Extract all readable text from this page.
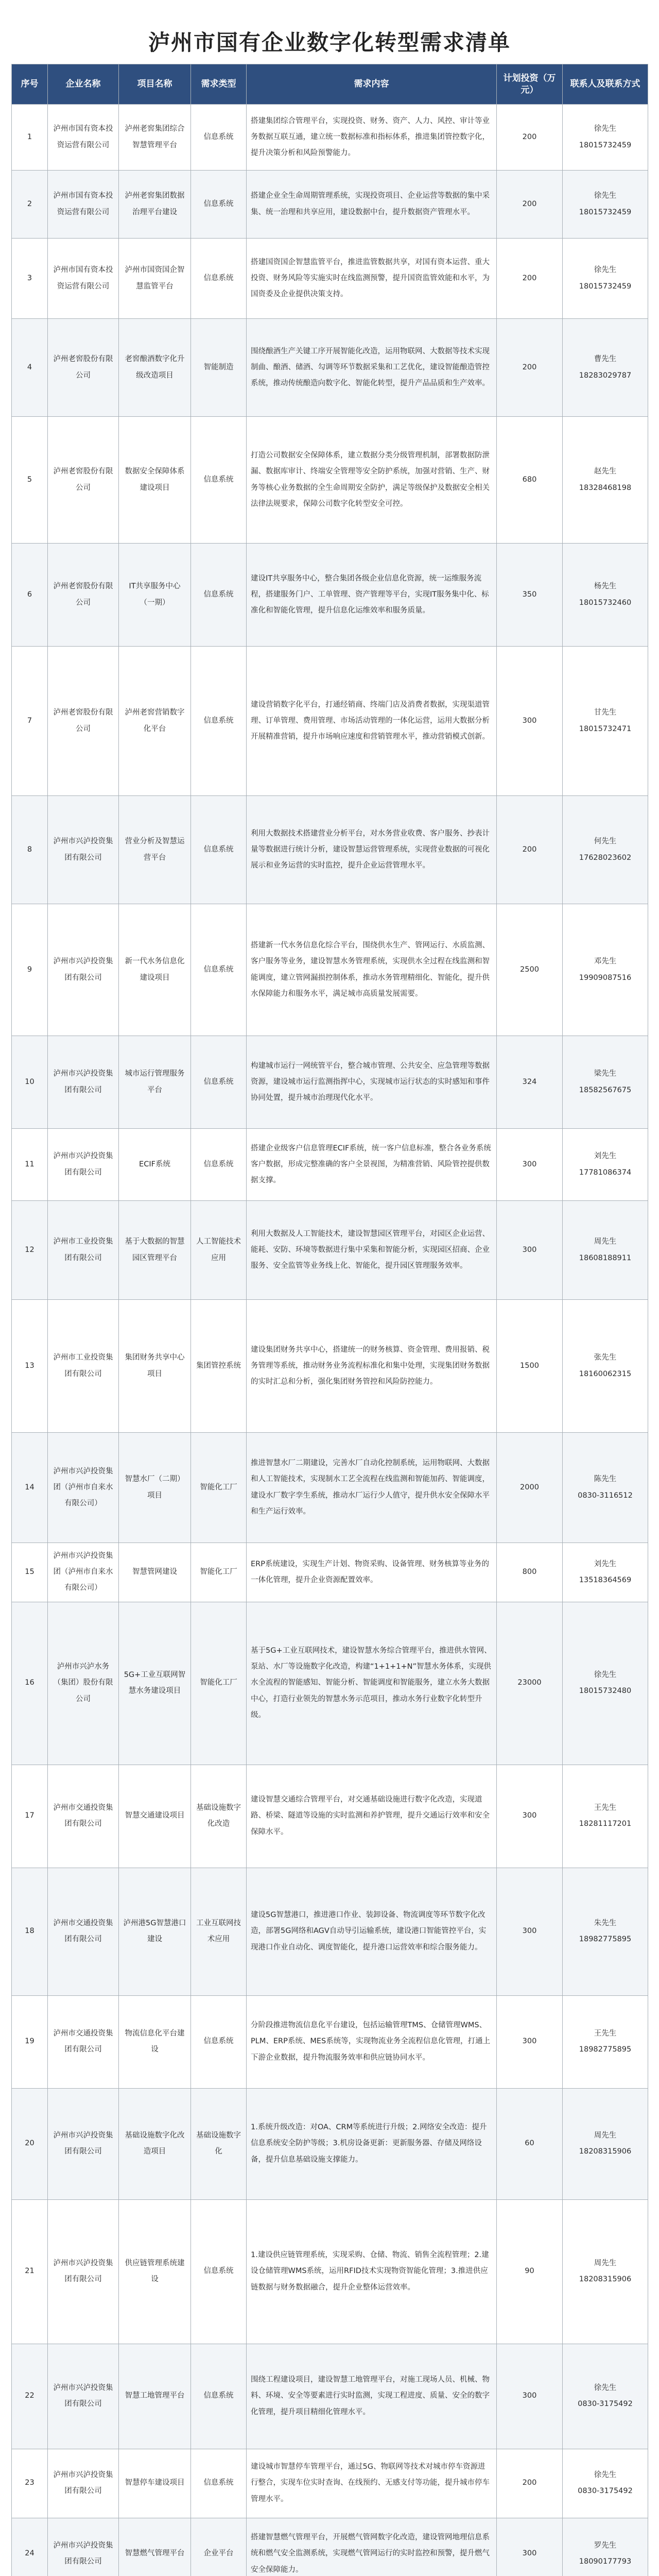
泸州市国有企业数字化转型需求清单
序号	企业名称	项目名称	需求类型	需求内容	计划投资（万元）	联系人及联系方式
1	泸州市国有资本投资运营有限公司	泸州老窖集团综合智慧管理平台	信息系统	搭建集团综合管理平台，实现投资、财务、资产、人力、风控、审计等业务数据互联互通，建立统一数据标准和指标体系，推进集团管控数字化，提升决策分析和风险预警能力。	200	徐先生
18015732459

2	泸州市国有资本投资运营有限公司	泸州老窖集团数据治理平台建设	信息系统	搭建企业全生命周期管理系统，实现投资项目、企业运营等数据的集中采集、统一治理和共享应用，建设数据中台，提升数据资产管理水平。	200	徐先生
18015732459

3	泸州市国有资本投资运营有限公司	泸州市国资国企智慧监管平台	信息系统	搭建国资国企智慧监管平台，推进监管数据共享，对国有资本运营、重大投资、财务风险等实施实时在线监测预警，提升国资监管效能和水平，为国资委及企业提供决策支持。	200	徐先生
18015732459

4	泸州老窖股份有限公司	老窖酿酒数字化升级改造项目	智能制造	围绕酿酒生产关键工序开展智能化改造，运用物联网、大数据等技术实现制曲、酿酒、储酒、勾调等环节数据采集和工艺优化，建设智能酿造管控系统，推动传统酿造向数字化、智能化转型，提升产品品质和生产效率。	200	曹先生
18283029787

5	泸州老窖股份有限公司	数据安全保障体系建设项目	信息系统	打造公司数据安全保障体系，建立数据分类分级管理机制，部署数据防泄漏、数据库审计、终端安全管理等安全防护系统，加强对营销、生产、财务等核心业务数据的全生命周期安全防护，满足等级保护及数据安全相关法律法规要求，保障公司数字化转型安全可控。	680	赵先生
18328468198

6	泸州老窖股份有限公司	IT共享服务中心（一期）	信息系统	建设IT共享服务中心，整合集团各级企业信息化资源，统一运维服务流程，搭建服务门户、工单管理、资产管理等平台，实现IT服务集中化、标准化和智能化管理，提升信息化运维效率和服务质量。	350	杨先生
18015732460

7	泸州老窖股份有限公司	泸州老窖营销数字化平台	信息系统	建设营销数字化平台，打通经销商、终端门店及消费者数据，实现渠道管理、订单管理、费用管理、市场活动管理的一体化运营，运用大数据分析开展精准营销，提升市场响应速度和营销管理水平，推动营销模式创新。	300	甘先生
18015732471

8	泸州市兴泸投资集团有限公司	营业分析及智慧运营平台	信息系统	利用大数据技术搭建营业分析平台，对水务营业收费、客户服务、抄表计量等数据进行统计分析，建设智慧运营管理系统，实现营业数据的可视化展示和业务运营的实时监控，提升企业运营管理水平。	200	何先生
17628023602

9	泸州市兴泸投资集团有限公司	新一代水务信息化建设项目	信息系统	搭建新一代水务信息化综合平台，围绕供水生产、管网运行、水质监测、客户服务等业务，建设智慧水务管理系统，实现供水全过程在线监测和智能调度，建立管网漏损控制体系，推动水务管理精细化、智能化，提升供水保障能力和服务水平，满足城市高质量发展需要。	2500	邓先生
19909087516

10	泸州市兴泸投资集团有限公司	城市运行管理服务平台	信息系统	构建城市运行一网统管平台，整合城市管理、公共安全、应急管理等数据资源，建设城市运行监测指挥中心，实现城市运行状态的实时感知和事件协同处置，提升城市治理现代化水平。	324	梁先生
18582567675

11	泸州市兴泸投资集团有限公司	ECIF系统	信息系统	搭建企业级客户信息管理ECIF系统，统一客户信息标准，整合各业务系统客户数据，形成完整准确的客户全景视图，为精准营销、风险管控提供数据支撑。	300	刘先生
17781086374

12	泸州市工业投资集团有限公司	基于大数据的智慧园区管理平台	人工智能技术应用	利用大数据及人工智能技术，建设智慧园区管理平台，对园区企业运营、能耗、安防、环境等数据进行集中采集和智能分析，实现园区招商、企业服务、安全监管等业务线上化、智能化，提升园区管理服务效率。	300	周先生
18608188911

13	泸州市工业投资集团有限公司	集团财务共享中心项目	集团管控系统	建设集团财务共享中心，搭建统一的财务核算、资金管理、费用报销、税务管理等系统，推动财务业务流程标准化和集中处理，实现集团财务数据的实时汇总和分析，强化集团财务管控和风险防控能力。	1500	张先生
18160062315

14	泸州市兴泸投资集团（泸州市自来水有限公司）	智慧水厂（二期）项目	智能化工厂	推进智慧水厂二期建设，完善水厂自动化控制系统，运用物联网、大数据和人工智能技术，实现制水工艺全流程在线监测和智能加药、智能调度，建设水厂数字孪生系统，推动水厂运行少人值守，提升供水安全保障水平和生产运行效率。	2000	陈先生
0830-3116512

15	泸州市兴泸投资集团（泸州市自来水有限公司）	智慧管网建设	智能化工厂	ERP系统建设，实现生产计划、物资采购、设备管理、财务核算等业务的一体化管理，提升企业资源配置效率。	800	刘先生
13518364569

16	泸州市兴泸水务（集团）股份有限公司	5G+工业互联网智慧水务建设项目	智能化工厂	基于5G+工业互联网技术，建设智慧水务综合管理平台，推进供水管网、泵站、水厂等设施数字化改造，构建“1+1+1+N”智慧水务体系，实现供水全流程的智能感知、智能分析、智能调度和智能服务，建立水务大数据中心，打造行业领先的智慧水务示范项目，推动水务行业数字化转型升级。	23000	徐先生
18015732480

17	泸州市交通投资集团有限公司	智慧交通建设项目	基础设施数字化改造	建设智慧交通综合管理平台，对交通基础设施进行数字化改造，实现道路、桥梁、隧道等设施的实时监测和养护管理，提升交通运行效率和安全保障水平。	300	王先生
18281117201

18	泸州市交通投资集团有限公司	泸州港5G智慧港口建设	工业互联网技术应用	建设5G智慧港口，推进港口作业、装卸设备、物流调度等环节数字化改造，部署5G网络和AGV自动导引运输系统，建设港口智能管控平台，实现港口作业自动化、调度智能化，提升港口运营效率和综合服务能力。	300	朱先生
18982775895

19	泸州市交通投资集团有限公司	物流信息化平台建设	信息系统	分阶段推进物流信息化平台建设，包括运输管理TMS、仓储管理WMS、PLM、ERP系统、MES系统等，实现物流业务全流程信息化管理，打通上下游企业数据，提升物流服务效率和供应链协同水平。	300	王先生
18982775895

20	泸州市兴泸投资集团有限公司	基础设施数字化改造项目	基础设施数字化	1.系统升级改造：对OA、CRM等系统进行升级；2.网络安全改造：提升信息系统安全防护等级；3.机房设备更新：更新服务器、存储及网络设备，提升信息基础设施支撑能力。	60	周先生
18208315906

21	泸州市兴泸投资集团有限公司	供应链管理系统建设	信息系统	1.建设供应链管理系统，实现采购、仓储、物流、销售全流程管理；2.建设仓储管理WMS系统，运用RFID技术实现物资智能化管理；3.推进供应链数据与财务数据融合，提升企业整体运营效率。	90	周先生
18208315906

22	泸州市兴泸投资集团有限公司	智慧工地管理平台	信息系统	围绕工程建设项目，建设智慧工地管理平台，对施工现场人员、机械、物料、环境、安全等要素进行实时监测，实现工程进度、质量、安全的数字化管理，提升项目精细化管理水平。	300	徐先生
0830-3175492

23	泸州市兴泸投资集团有限公司	智慧停车建设项目	信息系统	建设城市智慧停车管理平台，通过5G、物联网等技术对城市停车资源进行整合，实现车位实时查询、在线预约、无感支付等功能，提升城市停车管理水平。	200	徐先生
0830-3175492

24	泸州市兴泸投资集团有限公司	智慧燃气管理平台	企业平台	搭建智慧燃气管理平台，开展燃气管网数字化改造，建设管网地理信息系统和燃气安全监测系统，实现燃气管网运行的实时监控和预警，提升燃气安全保障能力。	300	罗先生
18090177793
